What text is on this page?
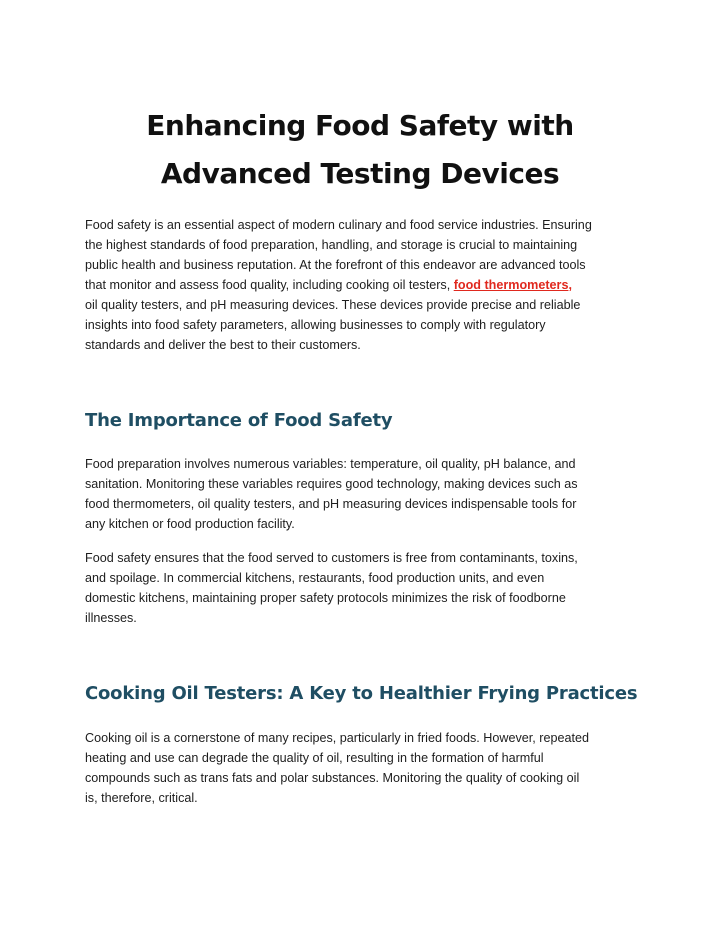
Enhancing Food Safety with
Advanced Testing Devices
Food safety is an essential aspect of modern culinary and food service industries. Ensuring
the highest standards of food preparation, handling, and storage is crucial to maintaining
public health and business reputation. At the forefront of this endeavor are advanced tools
that monitor and assess food quality, including cooking oil testers, food thermometers,
oil quality testers, and pH measuring devices. These devices provide precise and reliable
insights into food safety parameters, allowing businesses to comply with regulatory
standards and deliver the best to their customers.
The Importance of Food Safety
Food preparation involves numerous variables: temperature, oil quality, pH balance, and
sanitation. Monitoring these variables requires good technology, making devices such as
food thermometers, oil quality testers, and pH measuring devices indispensable tools for
any kitchen or food production facility.
Food safety ensures that the food served to customers is free from contaminants, toxins,
and spoilage. In commercial kitchens, restaurants, food production units, and even
domestic kitchens, maintaining proper safety protocols minimizes the risk of foodborne
illnesses.
Cooking Oil Testers: A Key to Healthier Frying Practices
Cooking oil is a cornerstone of many recipes, particularly in fried foods. However, repeated
heating and use can degrade the quality of oil, resulting in the formation of harmful
compounds such as trans fats and polar substances. Monitoring the quality of cooking oil
is, therefore, critical.
